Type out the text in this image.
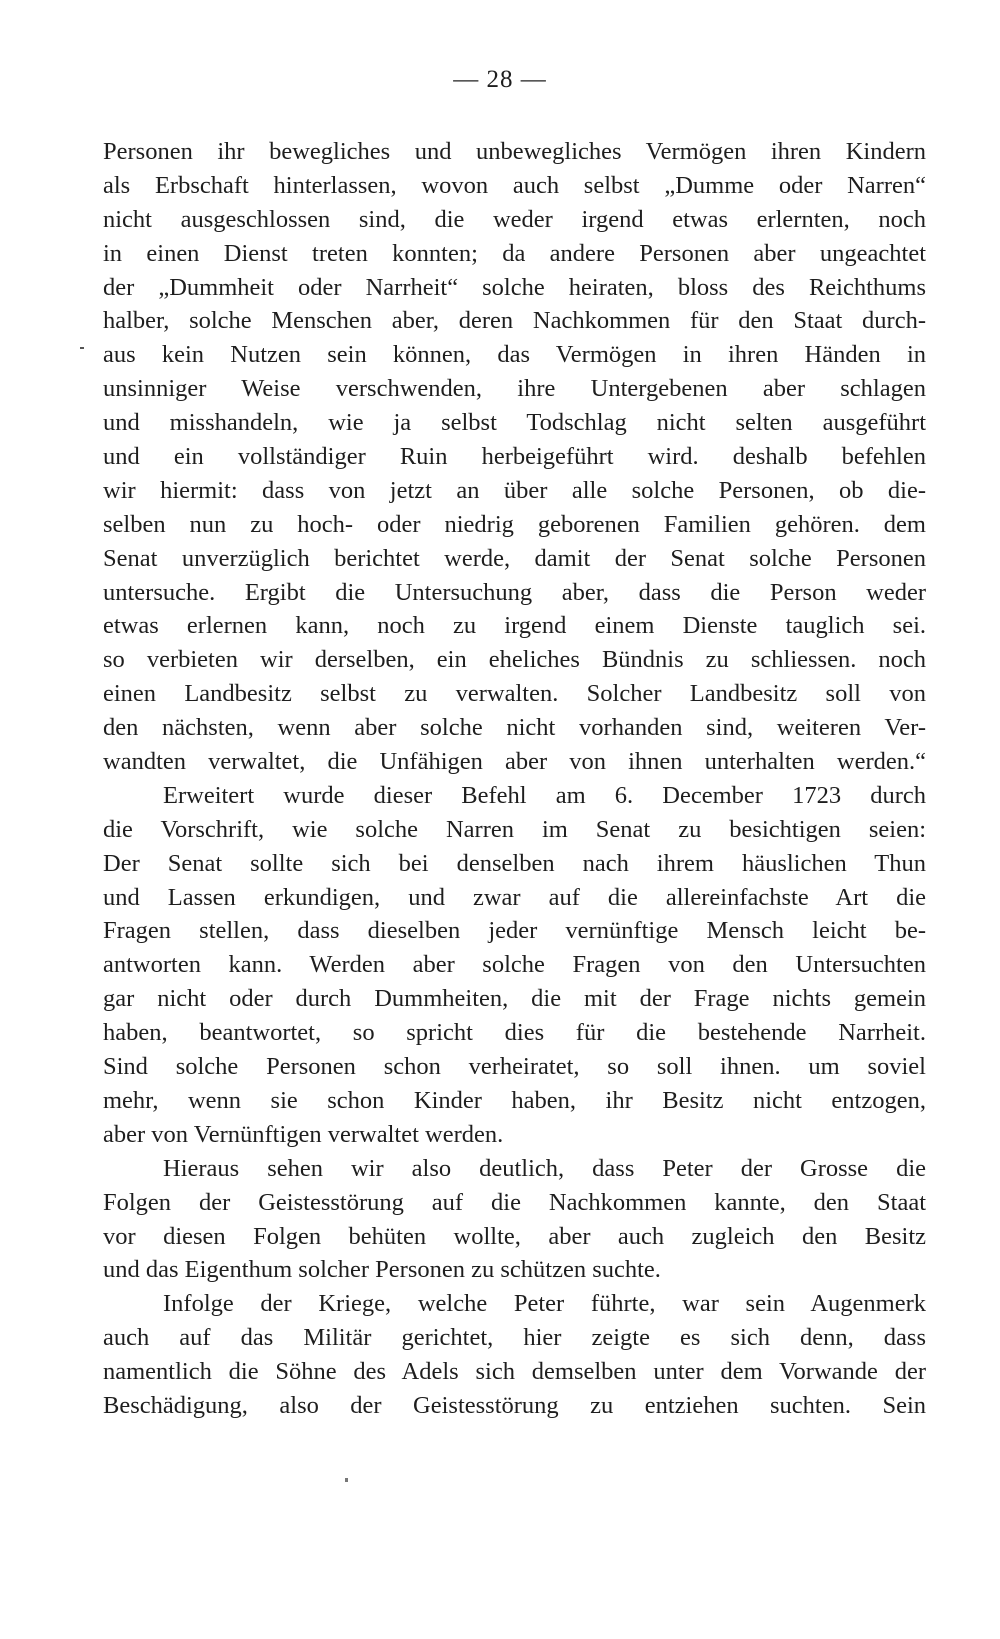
— 28 —
Personen ihr bewegliches und unbewegliches Vermögen ihren Kindern
als Erbschaft hinterlassen, wovon auch selbst „Dumme oder Narren“
nicht ausgeschlossen sind, die weder irgend etwas erlernten, noch
in einen Dienst treten konnten; da andere Personen aber ungeachtet
der „Dummheit oder Narrheit“ solche heiraten, bloss des Reichthums
halber, solche Menschen aber, deren Nachkommen für den Staat durch-
aus kein Nutzen sein können, das Vermögen in ihren Händen in
unsinniger Weise verschwenden, ihre Untergebenen aber schlagen
und misshandeln, wie ja selbst Todschlag nicht selten ausgeführt
und ein vollständiger Ruin herbeigeführt wird. deshalb befehlen
wir hiermit: dass von jetzt an über alle solche Personen, ob die-
selben nun zu hoch- oder niedrig geborenen Familien gehören. dem
Senat unverzüglich berichtet werde, damit der Senat solche Personen
untersuche. Ergibt die Untersuchung aber, dass die Person weder
etwas erlernen kann, noch zu irgend einem Dienste tauglich sei.
so verbieten wir derselben, ein eheliches Bündnis zu schliessen. noch
einen Landbesitz selbst zu verwalten. Solcher Landbesitz soll von
den nächsten, wenn aber solche nicht vorhanden sind, weiteren Ver-
wandten verwaltet, die Unfähigen aber von ihnen unterhalten werden.“
Erweitert wurde dieser Befehl am 6. December 1723 durch
die Vorschrift, wie solche Narren im Senat zu besichtigen seien:
Der Senat sollte sich bei denselben nach ihrem häuslichen Thun
und Lassen erkundigen, und zwar auf die allereinfachste Art die
Fragen stellen, dass dieselben jeder vernünftige Mensch leicht be-
antworten kann. Werden aber solche Fragen von den Untersuchten
gar nicht oder durch Dummheiten, die mit der Frage nichts gemein
haben, beantwortet, so spricht dies für die bestehende Narrheit.
Sind solche Personen schon verheiratet, so soll ihnen. um soviel
mehr, wenn sie schon Kinder haben, ihr Besitz nicht entzogen,
aber von Vernünftigen verwaltet werden.
Hieraus sehen wir also deutlich, dass Peter der Grosse die
Folgen der Geistesstörung auf die Nachkommen kannte, den Staat
vor diesen Folgen behüten wollte, aber auch zugleich den Besitz
und das Eigenthum solcher Personen zu schützen suchte.
Infolge der Kriege, welche Peter führte, war sein Augenmerk
auch auf das Militär gerichtet, hier zeigte es sich denn, dass
namentlich die Söhne des Adels sich demselben unter dem Vorwande der
Beschädigung, also der Geistesstörung zu entziehen suchten. Sein
